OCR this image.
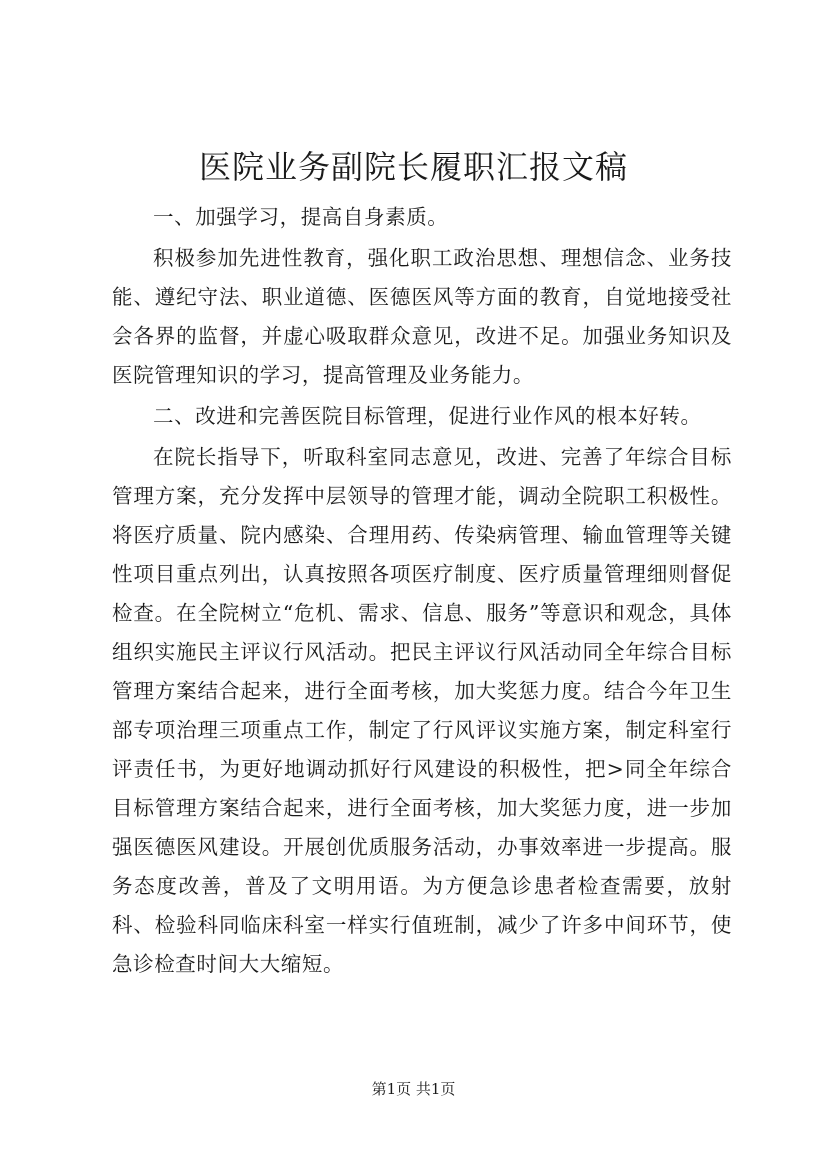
医院业务副院长履职汇报文稿

一、加强学习，提高自身素质。

积极参加先进性教育，强化职工政治思想、理想信念、业务技能、遵纪守法、职业道德、医德医风等方面的教育，自觉地接受社会各界的监督，并虚心吸取群众意见，改进不足。加强业务知识及医院管理知识的学习，提高管理及业务能力。

二、改进和完善医院目标管理，促进行业作风的根本好转。

在院长指导下，听取科室同志意见，改进、完善了年综合目标管理方案，充分发挥中层领导的管理才能，调动全院职工积极性。将医疗质量、院内感染、合理用药、传染病管理、输血管理等关键性项目重点列出，认真按照各项医疗制度、医疗质量管理细则督促检查。在全院树立“危机、需求、信息、服务”等意识和观念，具体组织实施民主评议行风活动。把民主评议行风活动同全年综合目标管理方案结合起来，进行全面考核，加大奖惩力度。结合今年卫生部专项治理三项重点工作，制定了行风评议实施方案，制定科室行评责任书，为更好地调动抓好行风建设的积极性，把>同全年综合目标管理方案结合起来，进行全面考核，加大奖惩力度，进一步加强医德医风建设。开展创优质服务活动，办事效率进一步提高。服务态度改善，普及了文明用语。为方便急诊患者检查需要，放射科、检验科同临床科室一样实行值班制，减少了许多中间环节，使急诊检查时间大大缩短。

第1页 共1页
